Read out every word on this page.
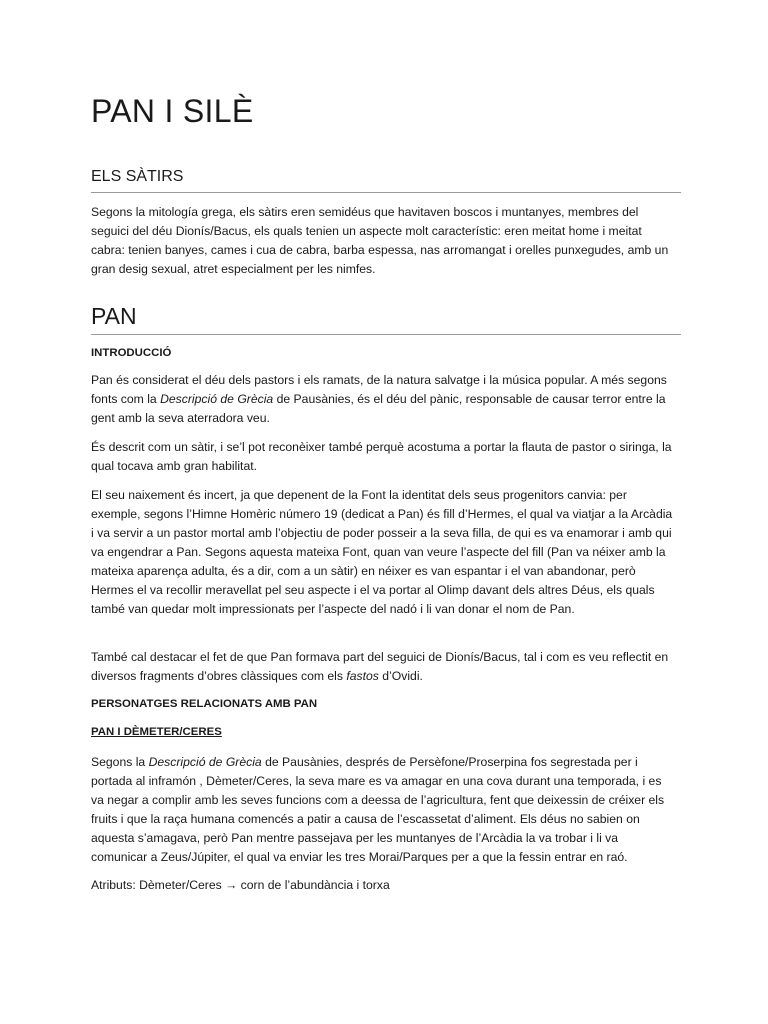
PAN I SILÈ
ELS SÀTIRS

Segons la mitología grega, els sàtirs eren semidéus que havitaven boscos i muntanyes, membres del seguici del déu Dionís/Bacus, els quals tenien un aspecte molt característic: eren meitat home i meitat cabra: tenien banyes, cames i cua de cabra, barba espessa, nas arromangat i orelles punxegudes, amb un gran desig sexual, atret especialment per les nimfes.

PAN
INTRODUCCIÓ

Pan és considerat el déu dels pastors i els ramats, de la natura salvatge i la música popular. A més segons fonts com la Descripció de Grècia de Pausànies, és el déu del pànic, responsable de causar terror entre la gent amb la seva aterradora veu.

És descrit com un sàtir, i se’l pot reconèixer també perquè acostuma a portar la flauta de pastor o siringa, la qual tocava amb gran habilitat.

El seu naixement és incert, ja que depenent de la Font la identitat dels seus progenitors canvia: per exemple, segons l’Himne Homèric número 19 (dedicat a Pan) és fill d’Hermes, el qual va viatjar a la Arcàdia i va servir a un pastor mortal amb l’objectiu de poder posseir a la seva filla, de qui es va enamorar i amb qui va engendrar a Pan. Segons aquesta mateixa Font, quan van veure l’aspecte del fill (Pan va néixer amb la mateixa aparença adulta, és a dir, com a un sàtir) en néixer es van espantar i el van abandonar, però Hermes el va recollir meravellat pel seu aspecte i el va portar al Olimp davant dels altres Déus, els quals també van quedar molt impressionats per l’aspecte del nadó i li van donar el nom de Pan.

També cal destacar el fet de que Pan formava part del seguici de Dionís/Bacus, tal i com es veu reflectit en diversos fragments d’obres clàssiques com els fastos d’Ovidi.

PERSONATGES RELACIONATS AMB PAN
PAN I DÈMETER/CERES

Segons la Descripció de Grècia de Pausànies, després de Persèfone/Proserpina fos segrestada per i portada al inframón , Dèmeter/Ceres, la seva mare es va amagar en una cova durant una temporada, i es va negar a complir amb les seves funcions com a deessa de l’agricultura, fent que deixessin de créixer els fruits i que la raça humana comencés a patir a causa de l’escassetat d’aliment. Els déus no sabien on aquesta s’amagava, però Pan mentre passejava per les muntanyes de l’Arcàdia la va trobar i li va comunicar a Zeus/Júpiter, el qual va enviar les tres Morai/Parques per a que la fessin entrar en raó.

Atributs: Dèmeter/Ceres → corn de l’abundància i torxa
